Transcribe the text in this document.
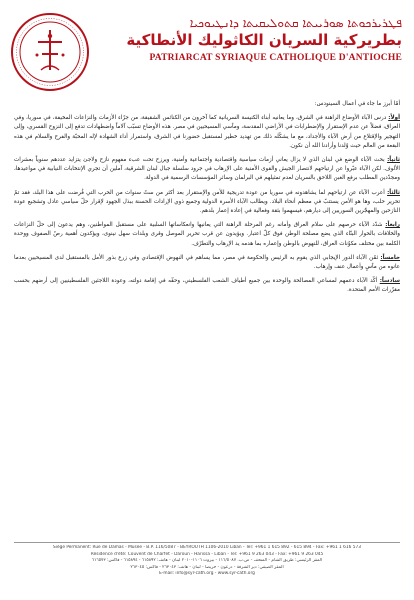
ܦܛܪܝܪܟܘܬܐ ܣܘܪܝܝܬܐ ܩܬܘܠܝܩܝܬܐ ܕܐܢܛܝܘܟܝܐ
بطريركية السريان الكاثوليك الأنطاكية
PATRIARCAT SYRIAQUE CATHOLIQUE D'ANTIOCHE

أمّا أبرز ما جاء في أعمال السينودس:

أولاً: درس الآباء الأوضاع الراهنة في الشرق، وما يعانيه أبناء الكنيسة السريانية كما آخرون من الكنائس الشقيقة، من جرّاء الأزمات والنزاعات المخيفة، في سوريا، وفي العراق، فضلاً عن عدم الإستقرار والإضطرابات في الأراضي المقدسة، ومآسي المسيحيين في مصر. هذه الأوضاع تسبّب آلاماً واضطهادات تدفع إلى النزوح القسري، وإلى التهجير والإقتلاع من أرض الآباء والأجداد، مع ما يشكّله ذلك من تهديد خطير لمستقبل حضورنا في الشرق، واستمرار أداء الشهادة لإله المحبّة والفرح والسلام في هذه البقعة من العالم حيث وُلدنا وأرادنا الله أن نكون.

ثانياً: بحث الآباء الوضع في لبنان الذي لا يزال يعاني أزمات سياسية واقتصادية واجتماعية وأمنية، ويرزح تحت عبء مفهوم نازح ولاجئ يتزايد عددهم سنوياً بعشرات الألوف. لكن الآباء عبّروا عن ارتياحهم لانتصار الجيش والقوى الأمنية على الإرهاب في جرود سلسلة جبال لبنان الشرقية، آملين أن تجري الإنتخابات النيابية في مواعيدها، ومجدّدين المطلب برفع الغبن اللاحق بالسريان لعدم تمثيلهم في البرلمان وسائر المؤسسات الرسمية في الدولة.

ثالثاً: أعرب الآباء عن ارتياحهم لما يشاهدونه في سوريا من عودة تدريجية للأمن والإستقرار بعد أكثر من ستّ سنوات من الحرب التي فُرضت على هذا البلد، فقد تمّ تحرير حلب، وها هو الأمن يستتبّ في معظم أنحاء البلاد. ويطالب الآباء الأسرة الدولية وجميع ذوي الإرادات الحسنة ببذل الجهود لإقرار حلّ سياسي عادل وتشجيع عودة النازحين والمهجّرين السوريين إلى ديارهم، فيسهموا بثقة وفعالية في إعادة إعمار بلدهم.

رابعاً: شدّد الآباء حرصهم على سلام العراق وأمانه رغم المرحلة الراهنة التي يعانيها وانعكاساتها السلبية على مستقبل المواطنين، وهم يدعون إلى حلّ النزاعات والخلافات بالحوار البنّاء الذي يضع مصلحة الوطن فوق كلّ اعتبار. ويؤيدون عن قرب تحرير الموصل وقرى وبلدات سهل نينوى، ويؤكدون أهمية رصّ الصفوف ووحدة الكلمة بين مختلف مكوّنات العراق، للنهوض بالوطن وإعماره بما هدمه يد الإرهاب والتطرّف.

خامساً: ثمّن الآباء الدور الإيجابي الذي يقوم به الرئيس والحكومة في مصر، مما يساهم في النهوض الإقتصادي وفي زرع بذور الأمل بالمستقبل لدى المسيحيين بعدما عانوه من مآسٍ وأعمال عنف وإرهاب.

سادساً: أكّد الآباء دعمهم لمساعي المصالحة والوحدة بين جميع أطياف الشعب الفلسطيني، وحقّه في إقامة دولته، وعودة اللاجئين الفلسطينيين إلى أرضهم بحسب مقرّرات الأمم المتحدة.

Siège Permanent: Rue de Damas - Musée - B.P. 116/5087 - BEYROUTH 1106-2010 Liban - Tel: +961 1 615 892 - 615 894 - Fax: +961 1 616 573
Résidence d'été: Couvent de Charfet - Daroun - Harissa - Liban - Tel: +961 9 263 043 - Fax: +961 9 263 045
المقر الرئيسي: طريق الشام - المتحف - ص.ب. ١١٦/٥٠٨٧ - بيروت ١١٠٦-٢٠١٠ لبنان - هاتف: ٦١٥٨٩٢ - ٦١٥٨٩٤ - فاكس: ٦١٦٥٧٣
المقر الصيفي: دير الشرفة - درعون - حريصا - لبنان - هاتف: ٢٦٣٠٤٣ - فاكس: ٢٦٣٠٤٥
E-mail: info@syr-cath.org - www.syr-cath.org
